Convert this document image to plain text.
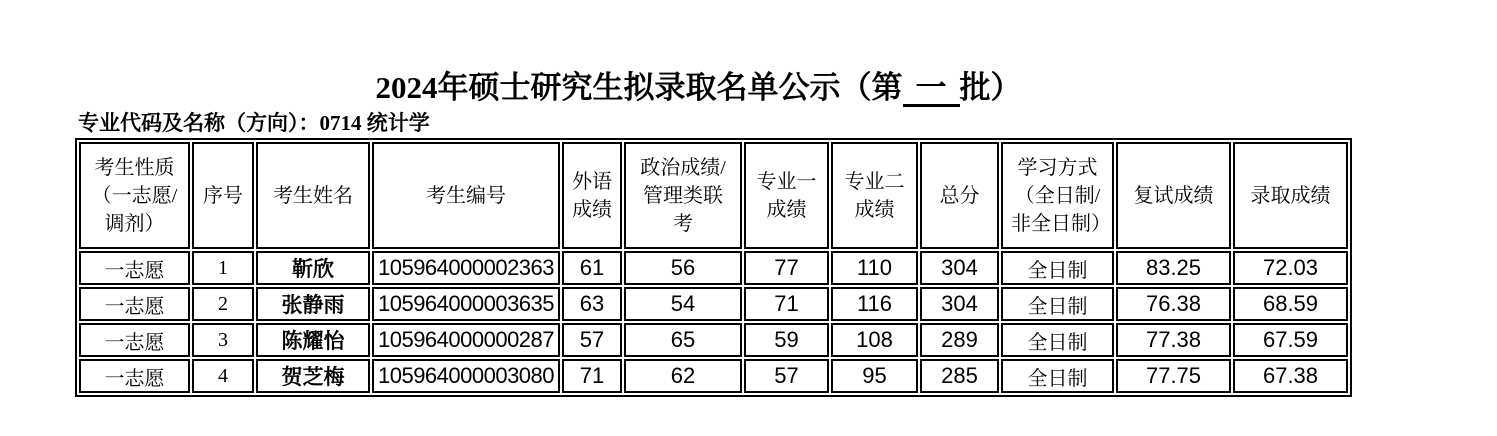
2024年硕士研究生拟录取名单公示（第 一 批）
专业代码及名称（方向）：0714 统计学
考生性质（一志愿/调剂）	序号	考生姓名	考生编号	外语成绩	政治成绩/管理类联考	专业一成绩	专业二成绩	总分	学习方式（全日制/非全日制）	复试成绩	录取成绩
一志愿	1	靳欣	105964000002363	61	56	77	110	304	全日制	83.25	72.03
一志愿	2	张静雨	105964000003635	63	54	71	116	304	全日制	76.38	68.59
一志愿	3	陈耀怡	105964000000287	57	65	59	108	289	全日制	77.38	67.59
一志愿	4	贺芝梅	105964000003080	71	62	57	95	285	全日制	77.75	67.38
